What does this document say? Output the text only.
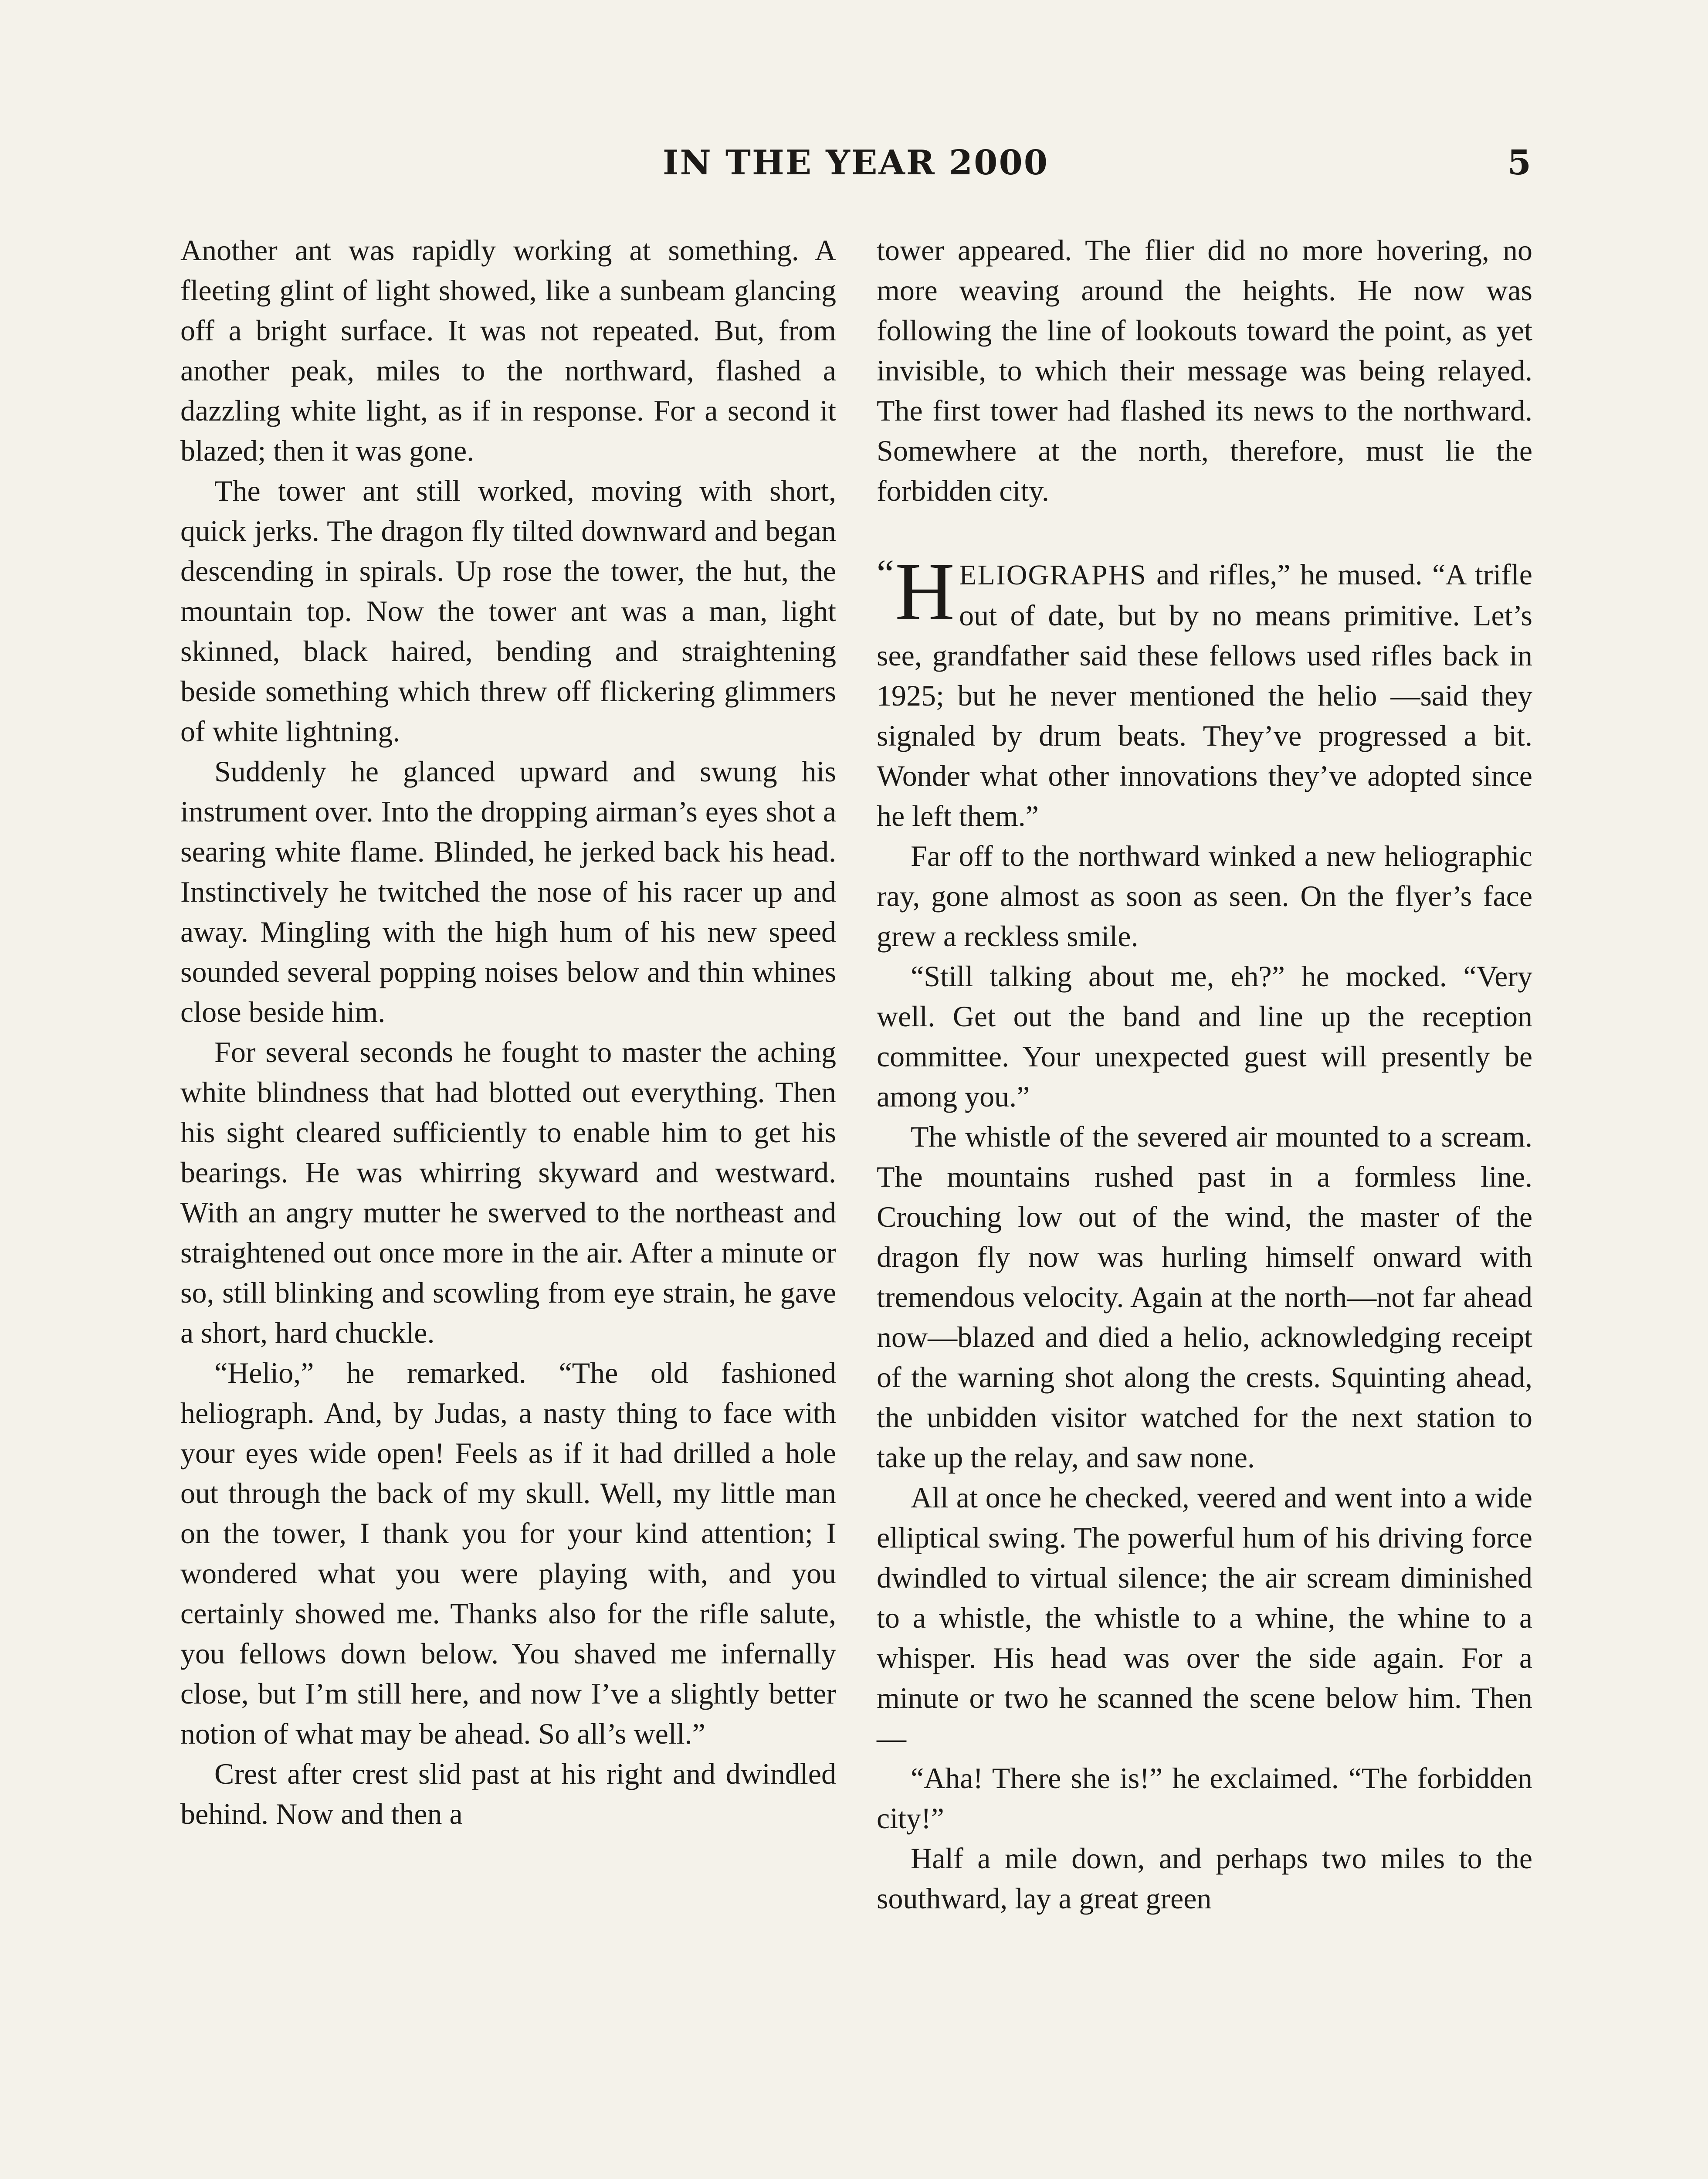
IN THE YEAR 2000	5

Another ant was rapidly working at something. A fleeting glint of light showed, like a sunbeam glancing off a bright surface. It was not repeated. But, from another peak, miles to the northward, flashed a dazzling white light, as if in response. For a second it blazed; then it was gone.

The tower ant still worked, moving with short, quick jerks. The dragon fly tilted downward and began descending in spirals. Up rose the tower, the hut, the mountain top. Now the tower ant was a man, light skinned, black haired, bending and straightening beside something which threw off flickering glimmers of white lightning.

Suddenly he glanced upward and swung his instrument over. Into the dropping airman’s eyes shot a searing white flame. Blinded, he jerked back his head. Instinctively he twitched the nose of his racer up and away. Mingling with the high hum of his new speed sounded several popping noises below and thin whines close beside him.

For several seconds he fought to master the aching white blindness that had blotted out everything. Then his sight cleared sufficiently to enable him to get his bearings. He was whirring skyward and westward. With an angry mutter he swerved to the northeast and straightened out once more in the air. After a minute or so, still blinking and scowling from eye strain, he gave a short, hard chuckle.

“Helio,” he remarked. “The old fashioned heliograph. And, by Judas, a nasty thing to face with your eyes wide open! Feels as if it had drilled a hole out through the back of my skull. Well, my little man on the tower, I thank you for your kind attention; I wondered what you were playing with, and you certainly showed me. Thanks also for the rifle salute, you fellows down below. You shaved me infernally close, but I’m still here, and now I’ve a slightly better notion of what may be ahead. So all’s well.”

Crest after crest slid past at his right and dwindled behind. Now and then a

tower appeared. The flier did no more hovering, no more weaving around the heights. He now was following the line of lookouts toward the point, as yet invisible, to which their message was being relayed. The first tower had flashed its news to the northward. Somewhere at the north, therefore, must lie the forbidden city.

“ H ELIOGRAPHS and rifles,” he mused. “A trifle out of date, but by no means primitive. Let’s see, grandfather said these fellows used rifles back in 1925; but he never mentioned the helio —said they signaled by drum beats. They’ve progressed a bit. Wonder what other innovations they’ve adopted since he left them.”

Far off to the northward winked a new heliographic ray, gone almost as soon as seen. On the flyer’s face grew a reckless smile.

“Still talking about me, eh?” he mocked. “Very well. Get out the band and line up the reception committee. Your unexpected guest will presently be among you.”

The whistle of the severed air mounted to a scream. The mountains rushed past in a formless line. Crouching low out of the wind, the master of the dragon fly now was hurling himself onward with tremendous velocity. Again at the north—not far ahead now—blazed and died a helio, acknowledging receipt of the warning shot along the crests. Squinting ahead, the unbidden visitor watched for the next station to take up the relay, and saw none.

All at once he checked, veered and went into a wide elliptical swing. The powerful hum of his driving force dwindled to virtual silence; the air scream diminished to a whistle, the whistle to a whine, the whine to a whisper. His head was over the side again. For a minute or two he scanned the scene below him. Then—

“Aha! There she is!” he exclaimed. “The forbidden city!”

Half a mile down, and perhaps two miles to the southward, lay a great green
